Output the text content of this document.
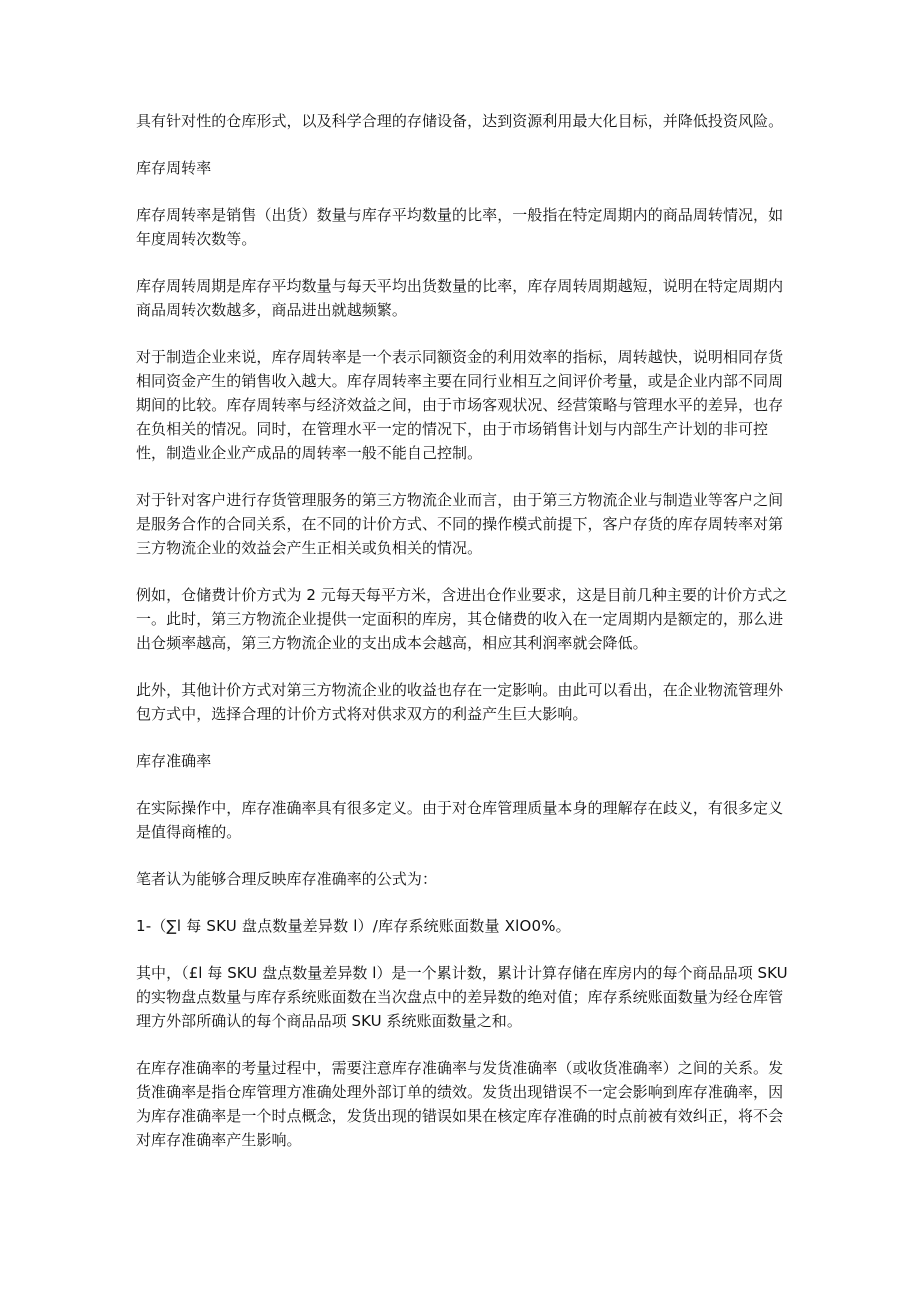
具有针对性的仓库形式，以及科学合理的存储设备，达到资源利用最大化目标，并降低投资风险。

库存周转率

库存周转率是销售（出货）数量与库存平均数量的比率，一般指在特定周期内的商品周转情况，如年度周转次数等。

库存周转周期是库存平均数量与每天平均出货数量的比率，库存周转周期越短，说明在特定周期内商品周转次数越多，商品进出就越频繁。

对于制造企业来说，库存周转率是一个表示同额资金的利用效率的指标，周转越快，说明相同存货相同资金产生的销售收入越大。库存周转率主要在同行业相互之间评价考量，或是企业内部不同周期间的比较。库存周转率与经济效益之间，由于市场客观状况、经营策略与管理水平的差异，也存在负相关的情况。同时，在管理水平一定的情况下，由于市场销售计划与内部生产计划的非可控性，制造业企业产成品的周转率一般不能自己控制。

对于针对客户进行存货管理服务的第三方物流企业而言，由于第三方物流企业与制造业等客户之间是服务合作的合同关系，在不同的计价方式、不同的操作模式前提下，客户存货的库存周转率对第三方物流企业的效益会产生正相关或负相关的情况。

例如，仓储费计价方式为 2 元每天每平方米，含进出仓作业要求，这是目前几种主要的计价方式之一。此时，第三方物流企业提供一定面积的库房，其仓储费的收入在一定周期内是额定的，那么进出仓频率越高，第三方物流企业的支出成本会越高，相应其利润率就会降低。

此外，其他计价方式对第三方物流企业的收益也存在一定影响。由此可以看出，在企业物流管理外包方式中，选择合理的计价方式将对供求双方的利益产生巨大影响。

库存准确率

在实际操作中，库存准确率具有很多定义。由于对仓库管理质量本身的理解存在歧义，有很多定义是值得商榷的。

笔者认为能够合理反映库存准确率的公式为：

1-（∑l 每 SKU 盘点数量差异数 l）/库存系统账面数量 XlO0%。

其中，（£l 每 SKU 盘点数量差异数 l）是一个累计数，累计计算存储在库房内的每个商品品项 SKU 的实物盘点数量与库存系统账面数在当次盘点中的差异数的绝对值；库存系统账面数量为经仓库管理方外部所确认的每个商品品项 SKU 系统账面数量之和。

在库存准确率的考量过程中，需要注意库存准确率与发货准确率（或收货准确率）之间的关系。发货准确率是指仓库管理方准确处理外部订单的绩效。发货出现错误不一定会影响到库存准确率，因为库存准确率是一个时点概念，发货出现的错误如果在核定库存准确的时点前被有效纠正，将不会对库存准确率产生影响。
